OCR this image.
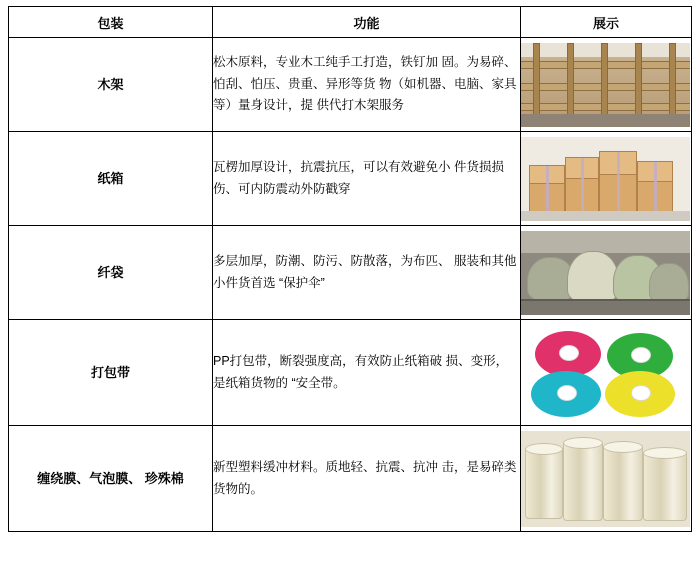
包装	功能	展示
木架	松木原料，专业木工纯手工打造，铁钉加 固。为易碎、怕刮、怕压、贵重、异形等货 物（如机器、电脑、家具等）量身设计，提 供代打木架服务	

纸箱	瓦楞加厚设计，抗震抗压，可以有效避免小 件货损损伤、可内防震动外防戳穿	

纤袋	多层加厚，防潮、防污、防散落，为布匹、 服装和其他小件货首选 “保护伞”	

打包带	PP打包带，断裂强度高，有效防止纸箱破 损、变形，是纸箱货物的 “安全带。	

缠绕膜、气泡膜、 珍殊棉	新型塑料缓冲材料。质地轻、抗震、抗冲 击，是易碎类货物的。	
